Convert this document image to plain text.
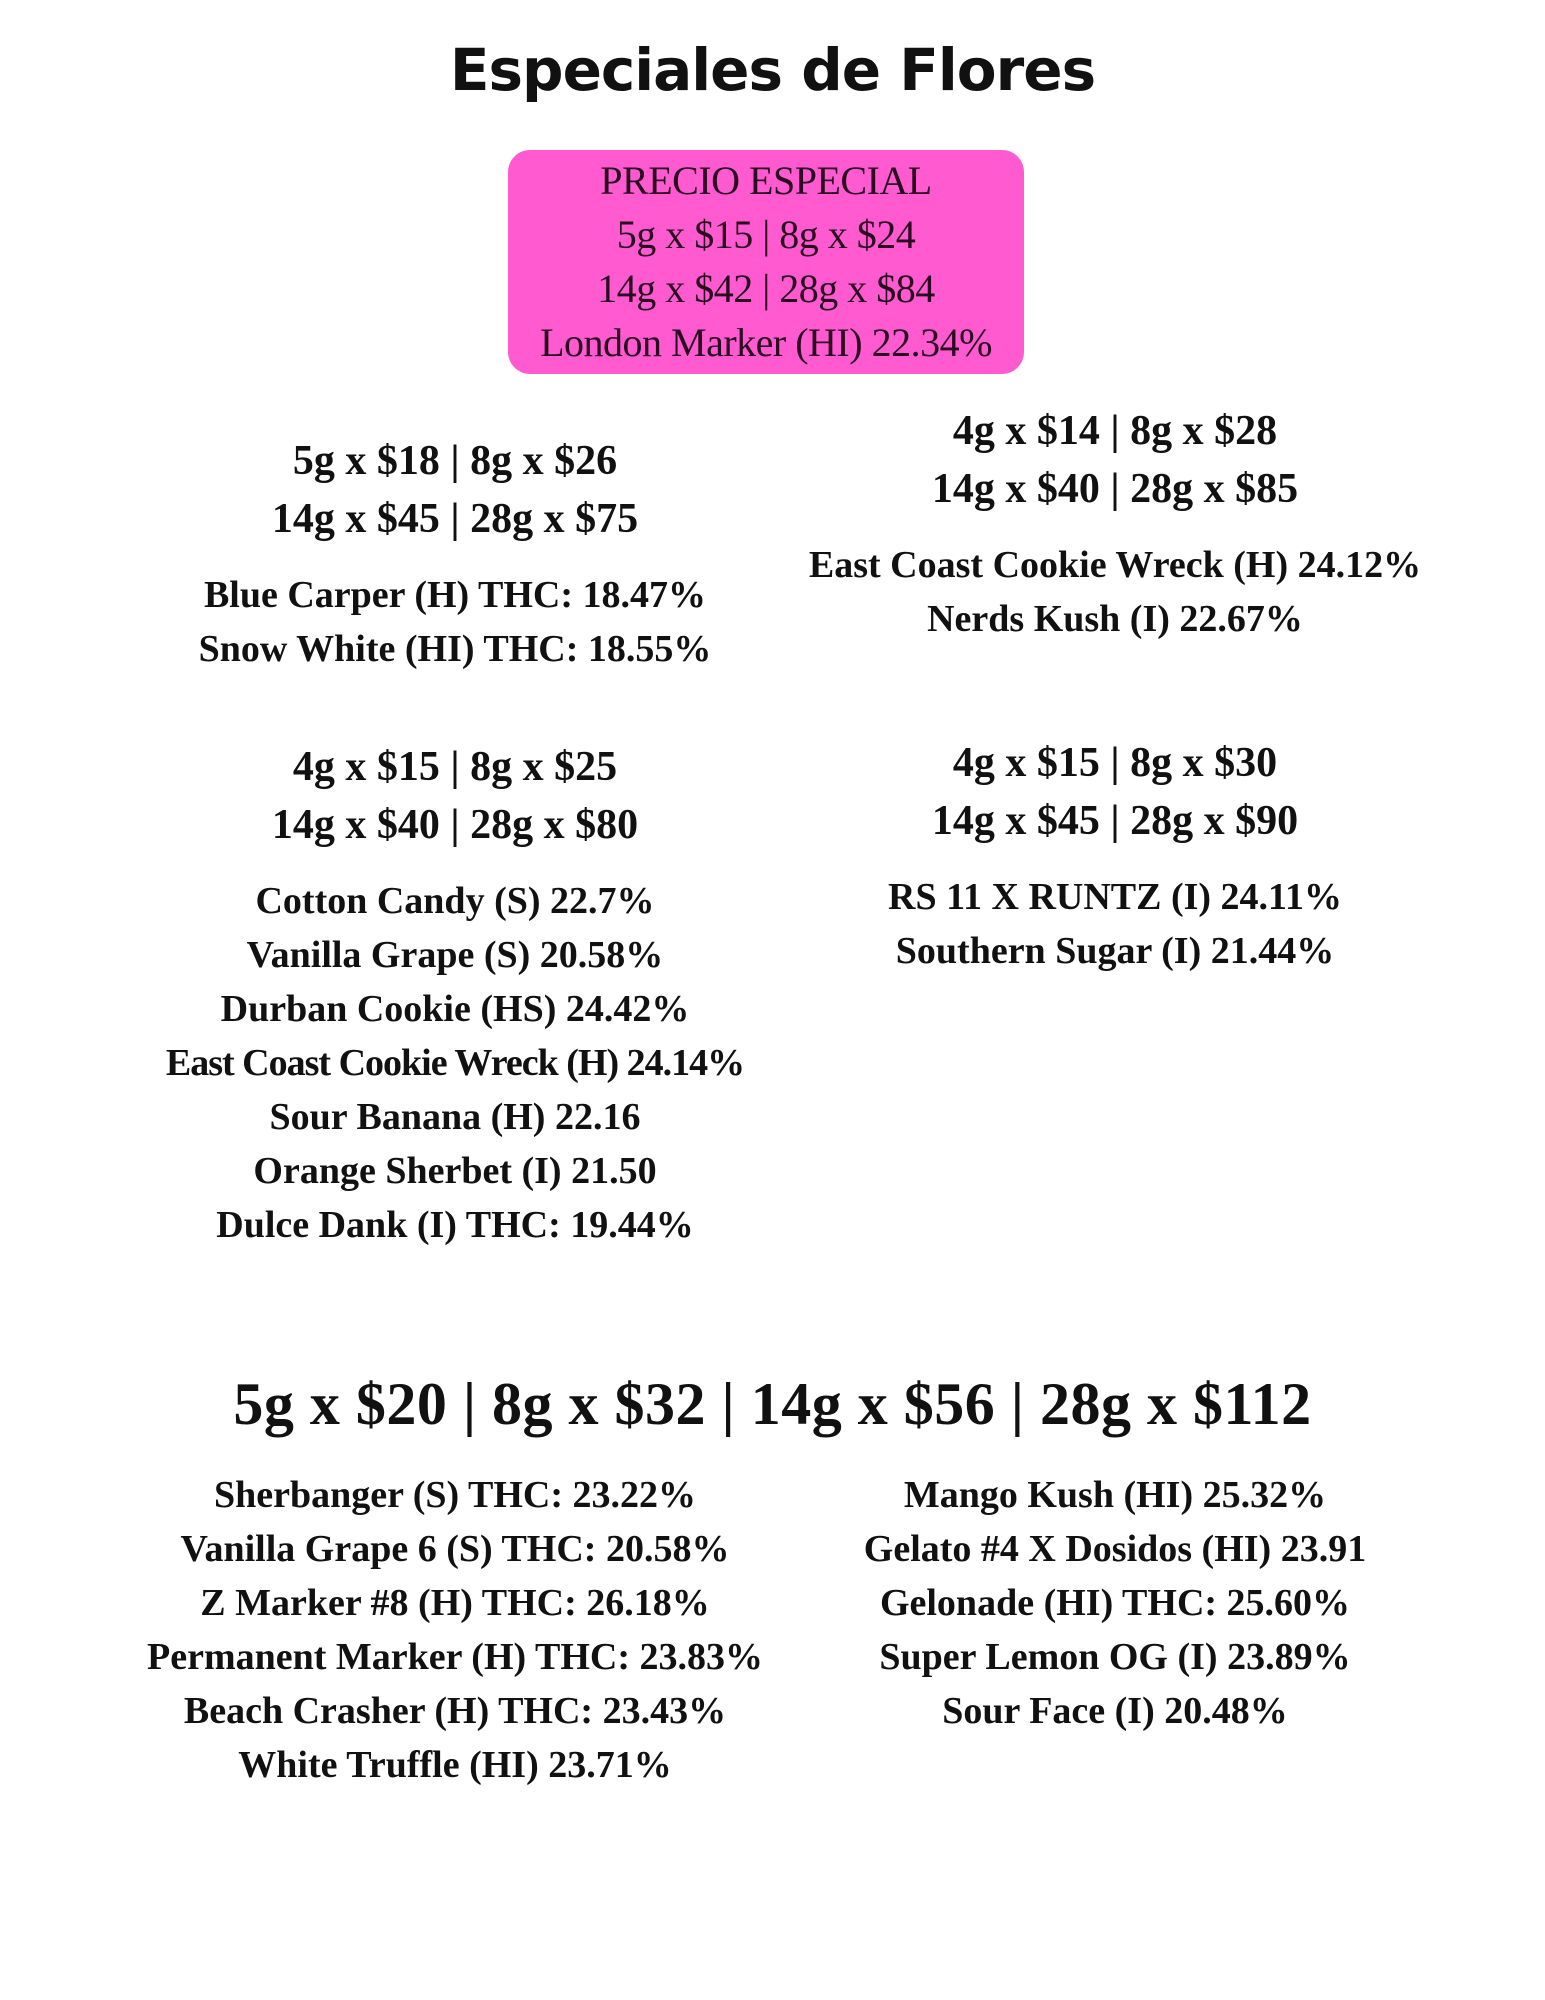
Especiales de Flores
PRECIO ESPECIAL
5g x $15 | 8g x $24
14g x $42 | 28g x $84
London Marker (HI) 22.34%
5g x $18 | 8g x $26
14g x $45 | 28g x $75
Blue Carper (H) THC: 18.47%
Snow White (HI) THC: 18.55%
4g x $14 | 8g x $28
14g x $40 | 28g x $85
East Coast Cookie Wreck (H) 24.12%
Nerds Kush (I) 22.67%
4g x $15 | 8g x $25
14g x $40 | 28g x $80
Cotton Candy (S) 22.7%
Vanilla Grape (S) 20.58%
Durban Cookie (HS) 24.42%
East Coast Cookie Wreck (H) 24.14%
Sour Banana (H) 22.16
Orange Sherbet (I) 21.50
Dulce Dank (I) THC: 19.44%
4g x $15 | 8g x $30
14g x $45 | 28g x $90
RS 11 X RUNTZ (I) 24.11%
Southern Sugar (I) 21.44%
5g x $20 | 8g x $32 | 14g x $56 | 28g x $112
Sherbanger (S) THC: 23.22%
Vanilla Grape 6 (S) THC: 20.58%
Z Marker #8 (H) THC: 26.18%
Permanent Marker (H) THC: 23.83%
Beach Crasher (H) THC: 23.43%
White Truffle (HI) 23.71%
Mango Kush (HI) 25.32%
Gelato #4 X Dosidos (HI) 23.91
Gelonade (HI) THC: 25.60%
Super Lemon OG (I) 23.89%
Sour Face (I) 20.48%
